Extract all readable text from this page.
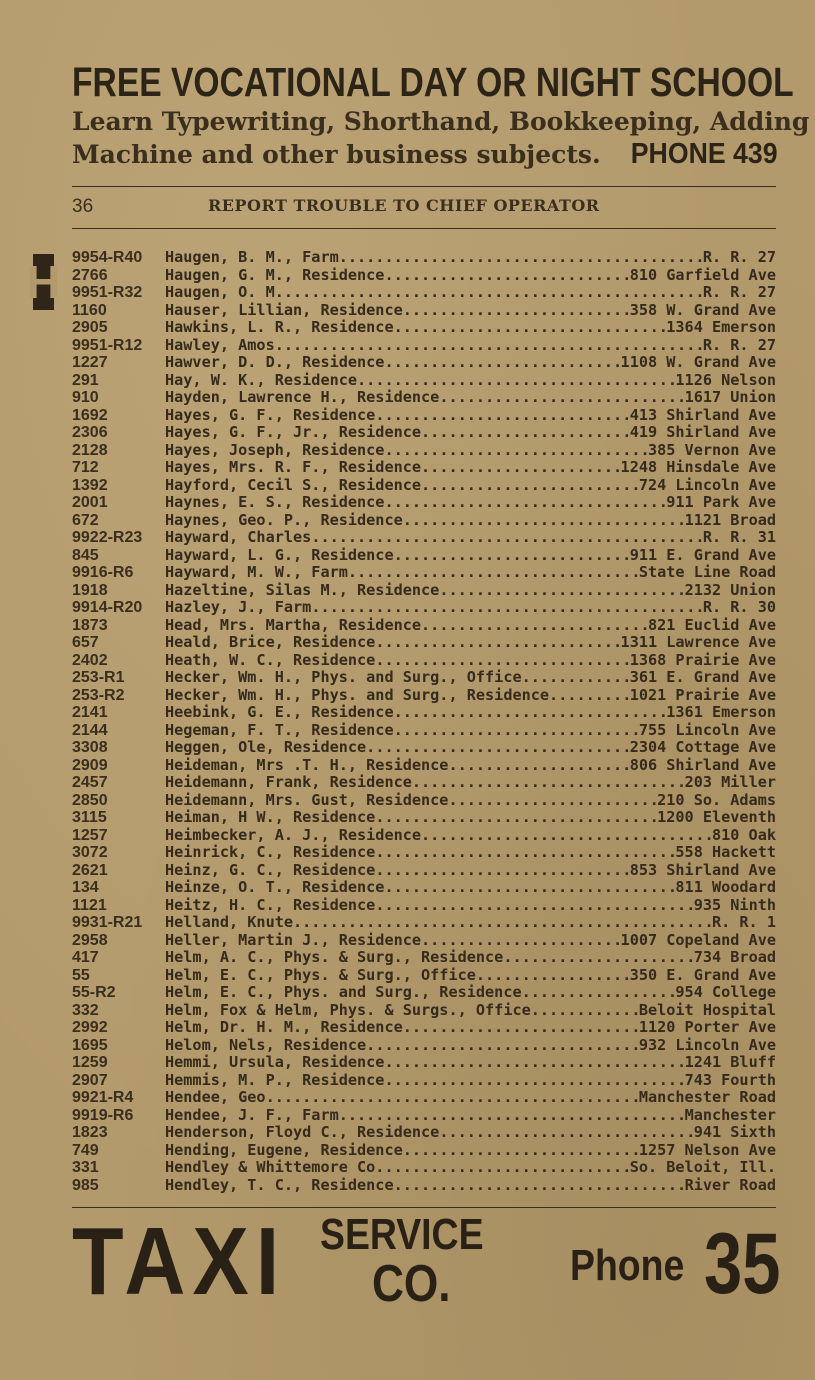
FREE VOCATIONAL DAY OR NIGHT SCHOOL
Learn Typewriting, Shorthand, Bookkeeping, Adding
Machine and other business subjects. PHONE 439
36	REPORT TROUBLE TO CHIEF OPERATOR
H 9954-R40	Haugen, B. M., Farm .....	R. R. 27
2766	Haugen, G. M., Residence .....	810 Garfield Ave
9951-R32	Haugen, O. M. .....	R. R. 27
1160	Hauser, Lillian, Residence .....	358 W. Grand Ave
2905	Hawkins, L. R., Residence .....	1364 Emerson
9951-R12	Hawley, Amos .....	R. R. 27
1227	Hawver, D. D., Residence .....	1108 W. Grand Ave
291	Hay, W. K., Residence .....	1126 Nelson
910	Hayden, Lawrence H., Residence .....	1617 Union
1692	Hayes, G. F., Residence .....	413 Shirland Ave
2306	Hayes, G. F., Jr., Residence .....	419 Shirland Ave
2128	Hayes, Joseph, Residence .....	385 Vernon Ave
712	Hayes, Mrs. R. F., Residence .....	1248 Hinsdale Ave
1392	Hayford, Cecil S., Residence .....	724 Lincoln Ave
2001	Haynes, E. S., Residence .....	911 Park Ave
672	Haynes, Geo. P., Residence .....	1121 Broad
9922-R23	Hayward, Charles .....	R. R. 31
845	Hayward, L. G., Residence .....	911 E. Grand Ave
9916-R6	Hayward, M. W., Farm .....	State Line Road
1918	Hazeltine, Silas M., Residence .....	2132 Union
9914-R20	Hazley, J., Farm .....	R. R. 30
1873	Head, Mrs. Martha, Residence .....	821 Euclid Ave
657	Heald, Brice, Residence .....	1311 Lawrence Ave
2402	Heath, W. C., Residence .....	1368 Prairie Ave
253-R1	Hecker, Wm. H., Phys. and Surg., Office .....	361 E. Grand Ave
253-R2	Hecker, Wm. H., Phys. and Surg., Residence .....	1021 Prairie Ave
2141	Heebink, G. E., Residence .....	1361 Emerson
2144	Hegeman, F. T., Residence .....	755 Lincoln Ave
3308	Heggen, Ole, Residence .....	2304 Cottage Ave
2909	Heideman, Mrs .T. H., Residence .....	806 Shirland Ave
2457	Heidemann, Frank, Residence .....	203 Miller
2850	Heidemann, Mrs. Gust, Residence .....	210 So. Adams
3115	Heiman, H W., Residence .....	1200 Eleventh
1257	Heimbecker, A. J., Residence .....	810 Oak
3072	Heinrick, C., Residence .....	558 Hackett
2621	Heinz, G. C., Residence .....	853 Shirland Ave
134	Heinze, O. T., Residence .....	811 Woodard
1121	Heitz, H. C., Residence .....	935 Ninth
9931-R21	Helland, Knute .....	R. R. 1
2958	Heller, Martin J., Residence .....	1007 Copeland Ave
417	Helm, A. C., Phys. & Surg., Residence .....	734 Broad
55	Helm, E. C., Phys. & Surg., Office .....	350 E. Grand Ave
55-R2	Helm, E. C., Phys. and Surg., Residence .....	954 College
332	Helm, Fox & Helm, Phys. & Surgs., Office .....	Beloit Hospital
2992	Helm, Dr. H. M., Residence .....	1120 Porter Ave
1695	Helom, Nels, Residence .....	932 Lincoln Ave
1259	Hemmi, Ursula, Residence .....	1241 Bluff
2907	Hemmis, M. P., Residence .....	743 Fourth
9921-R4	Hendee, Geo. .....	Manchester Road
9919-R6	Hendee, J. F., Farm .....	Manchester
1823	Henderson, Floyd C., Residence .....	941 Sixth
749	Hending, Eugene, Residence .....	1257 Nelson Ave
331	Hendley & Whittemore Co. .....	So. Beloit, Ill.
985	Hendley, T. C., Residence .....	River Road
TAXI SERVICE
CO.	Phone 35
